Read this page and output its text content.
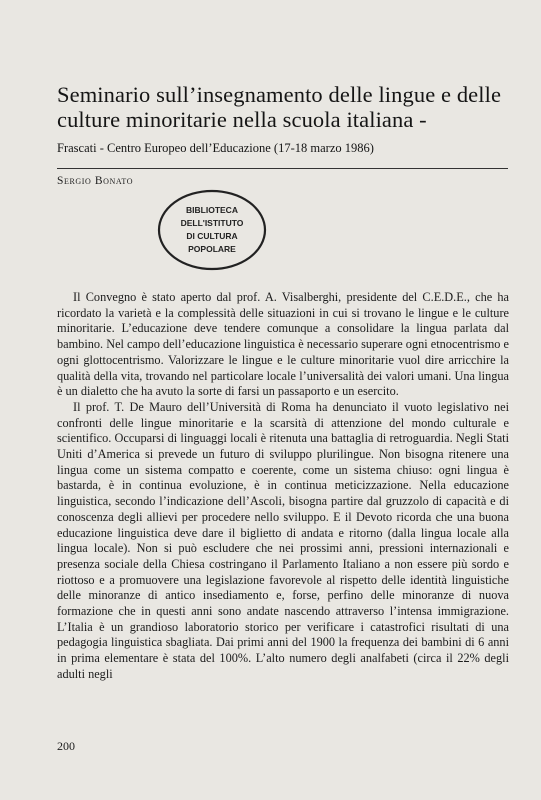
Seminario sull’insegnamento delle lingue e delle culture minoritarie nella scuola italiana - Frascati - Centro Europeo dell’Educazione (17-18 marzo 1986)
Sergio Bonato
BIBLIOTECA
DELL'ISTITUTO
DI CULTURA
POPOLARE

Il Convegno è stato aperto dal prof. A. Visalberghi, presidente del C.E.D.E., che ha ricordato la varietà e la complessità delle situazioni in cui si trovano le lingue e le culture minoritarie. L’educazione deve tendere comunque a consolidare la lingua parlata dal bambino. Nel campo dell’educazione linguistica è necessario superare ogni etnocentrismo e ogni glottocentrismo. Valorizzare le lingue e le culture minoritarie vuol dire arricchire la qualità della vita, trovando nel particolare locale l’universalità dei valori umani. Una lingua è un dialetto che ha avuto la sorte di farsi un passaporto e un esercito.

Il prof. T. De Mauro dell’Università di Roma ha denunciato il vuoto legislativo nei confronti delle lingue minoritarie e la scarsità di attenzione del mondo culturale e scientifico. Occuparsi di linguaggi locali è ritenuta una battaglia di retroguardia. Negli Stati Uniti d’America si prevede un futuro di sviluppo plurilingue. Non bisogna ritenere una lingua come un sistema compatto e coerente, come un sistema chiuso: ogni lingua è bastarda, è in continua evoluzione, è in continua meticizzazione. Nella educazione linguistica, secondo l’indicazione dell’Ascoli, bisogna partire dal gruzzolo di capacità e di conoscenza degli allievi per procedere nello sviluppo. E il Devoto ricorda che una buona educazione linguistica deve dare il biglietto di andata e ritorno (dalla lingua locale alla lingua locale). Non si può escludere che nei prossimi anni, pressioni internazionali e presenza sociale della Chiesa costringano il Parlamento Italiano a non essere più sordo e riottoso e a promuovere una legislazione favorevole al rispetto delle identità linguistiche delle minoranze di antico insediamento e, forse, perfino delle minoranze di nuova formazione che in questi anni sono andate nascendo attraverso l’intensa immigrazione. L’Italia è un grandioso laboratorio storico per verificare i catastrofici risultati di una pedagogia linguistica sbagliata. Dai primi anni del 1900 la frequenza dei bambini di 6 anni in prima elementare è stata del 100%. L’alto numero degli analfabeti (circa il 22% degli adulti negli

200
